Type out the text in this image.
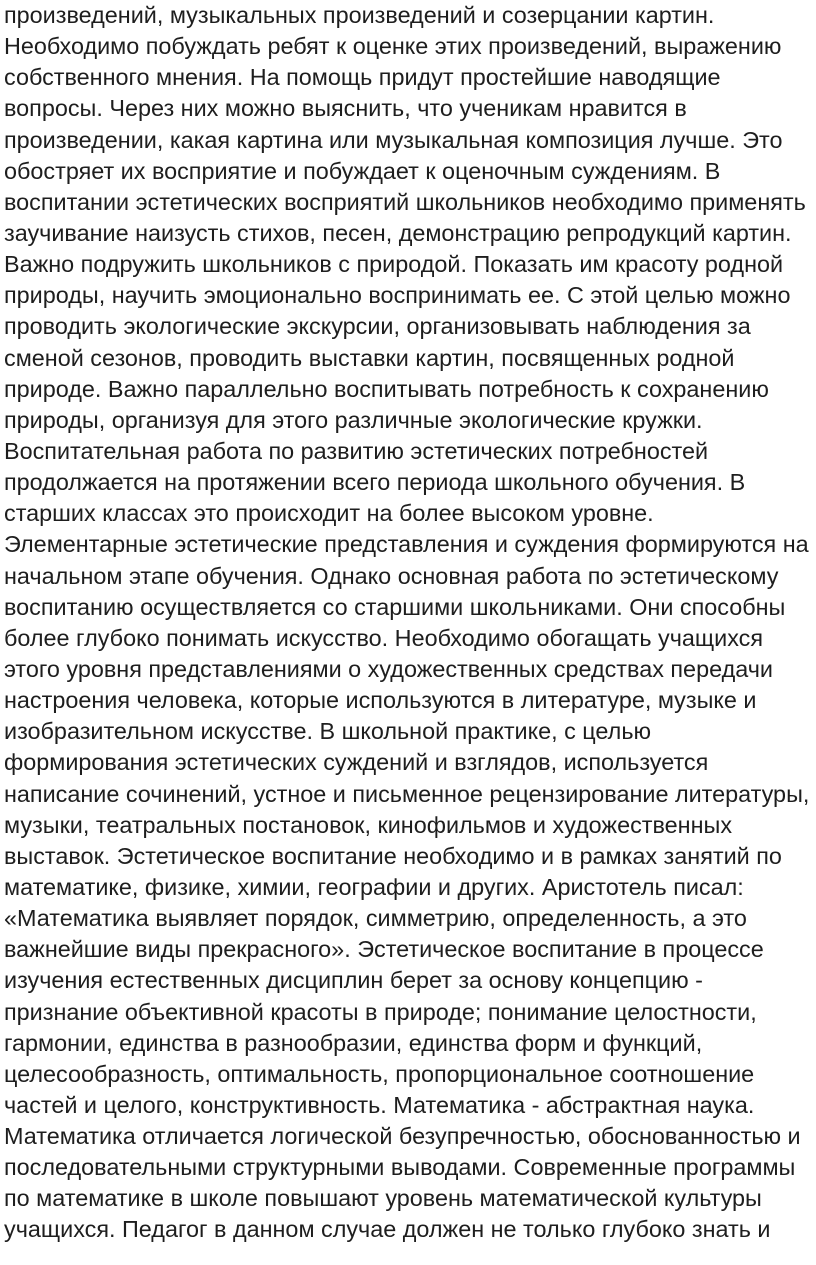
произведений, музыкальных произведений и созерцании картин.

Необходимо побуждать ребят к оценке этих произведений, выражению

собственного мнения. На помощь придут простейшие наводящие

вопросы. Через них можно выяснить, что ученикам нравится в

произведении, какая картина или музыкальная композиция лучше. Это

обостряет их восприятие и побуждает к оценочным суждениям. В

воспитании эстетических восприятий школьников необходимо применять

заучивание наизусть стихов, песен, демонстрацию репродукций картин.

Важно подружить школьников с природой. Показать им красоту родной

природы, научить эмоционально воспринимать ее. С этой целью можно

проводить экологические экскурсии, организовывать наблюдения за

сменой сезонов, проводить выставки картин, посвященных родной

природе. Важно параллельно воспитывать потребность к сохранению

природы, организуя для этого различные экологические кружки.

Воспитательная работа по развитию эстетических потребностей

продолжается на протяжении всего периода школьного обучения. В

старших классах это происходит на более высоком уровне.

Элементарные эстетические представления и суждения формируются на

начальном этапе обучения. Однако основная работа по эстетическому

воспитанию осуществляется со старшими школьниками. Они способны

более глубоко понимать искусство. Необходимо обогащать учащихся

этого уровня представлениями о художественных средствах передачи

настроения человека, которые используются в литературе, музыке и

изобразительном искусстве. В школьной практике, с целью

формирования эстетических суждений и взглядов, используется

написание сочинений, устное и письменное рецензирование литературы,

музыки, театральных постановок, кинофильмов и художественных

выставок. Эстетическое воспитание необходимо и в рамках занятий по

математике, физике, химии, географии и других. Аристотель писал:

«Математика выявляет порядок, симметрию, определенность, а это

важнейшие виды прекрасного». Эстетическое воспитание в процессе

изучения естественных дисциплин берет за основу концепцию -

признание объективной красоты в природе; понимание целостности,

гармонии, единства в разнообразии, единства форм и функций,

целесообразность, оптимальность, пропорциональное соотношение

частей и целого, конструктивность. Математика - абстрактная наука.

Математика отличается логической безупречностью, обоснованностью и

последовательными структурными выводами. Современные программы

по математике в школе повышают уровень математической культуры

учащихся. Педагог в данном случае должен не только глубоко знать и
